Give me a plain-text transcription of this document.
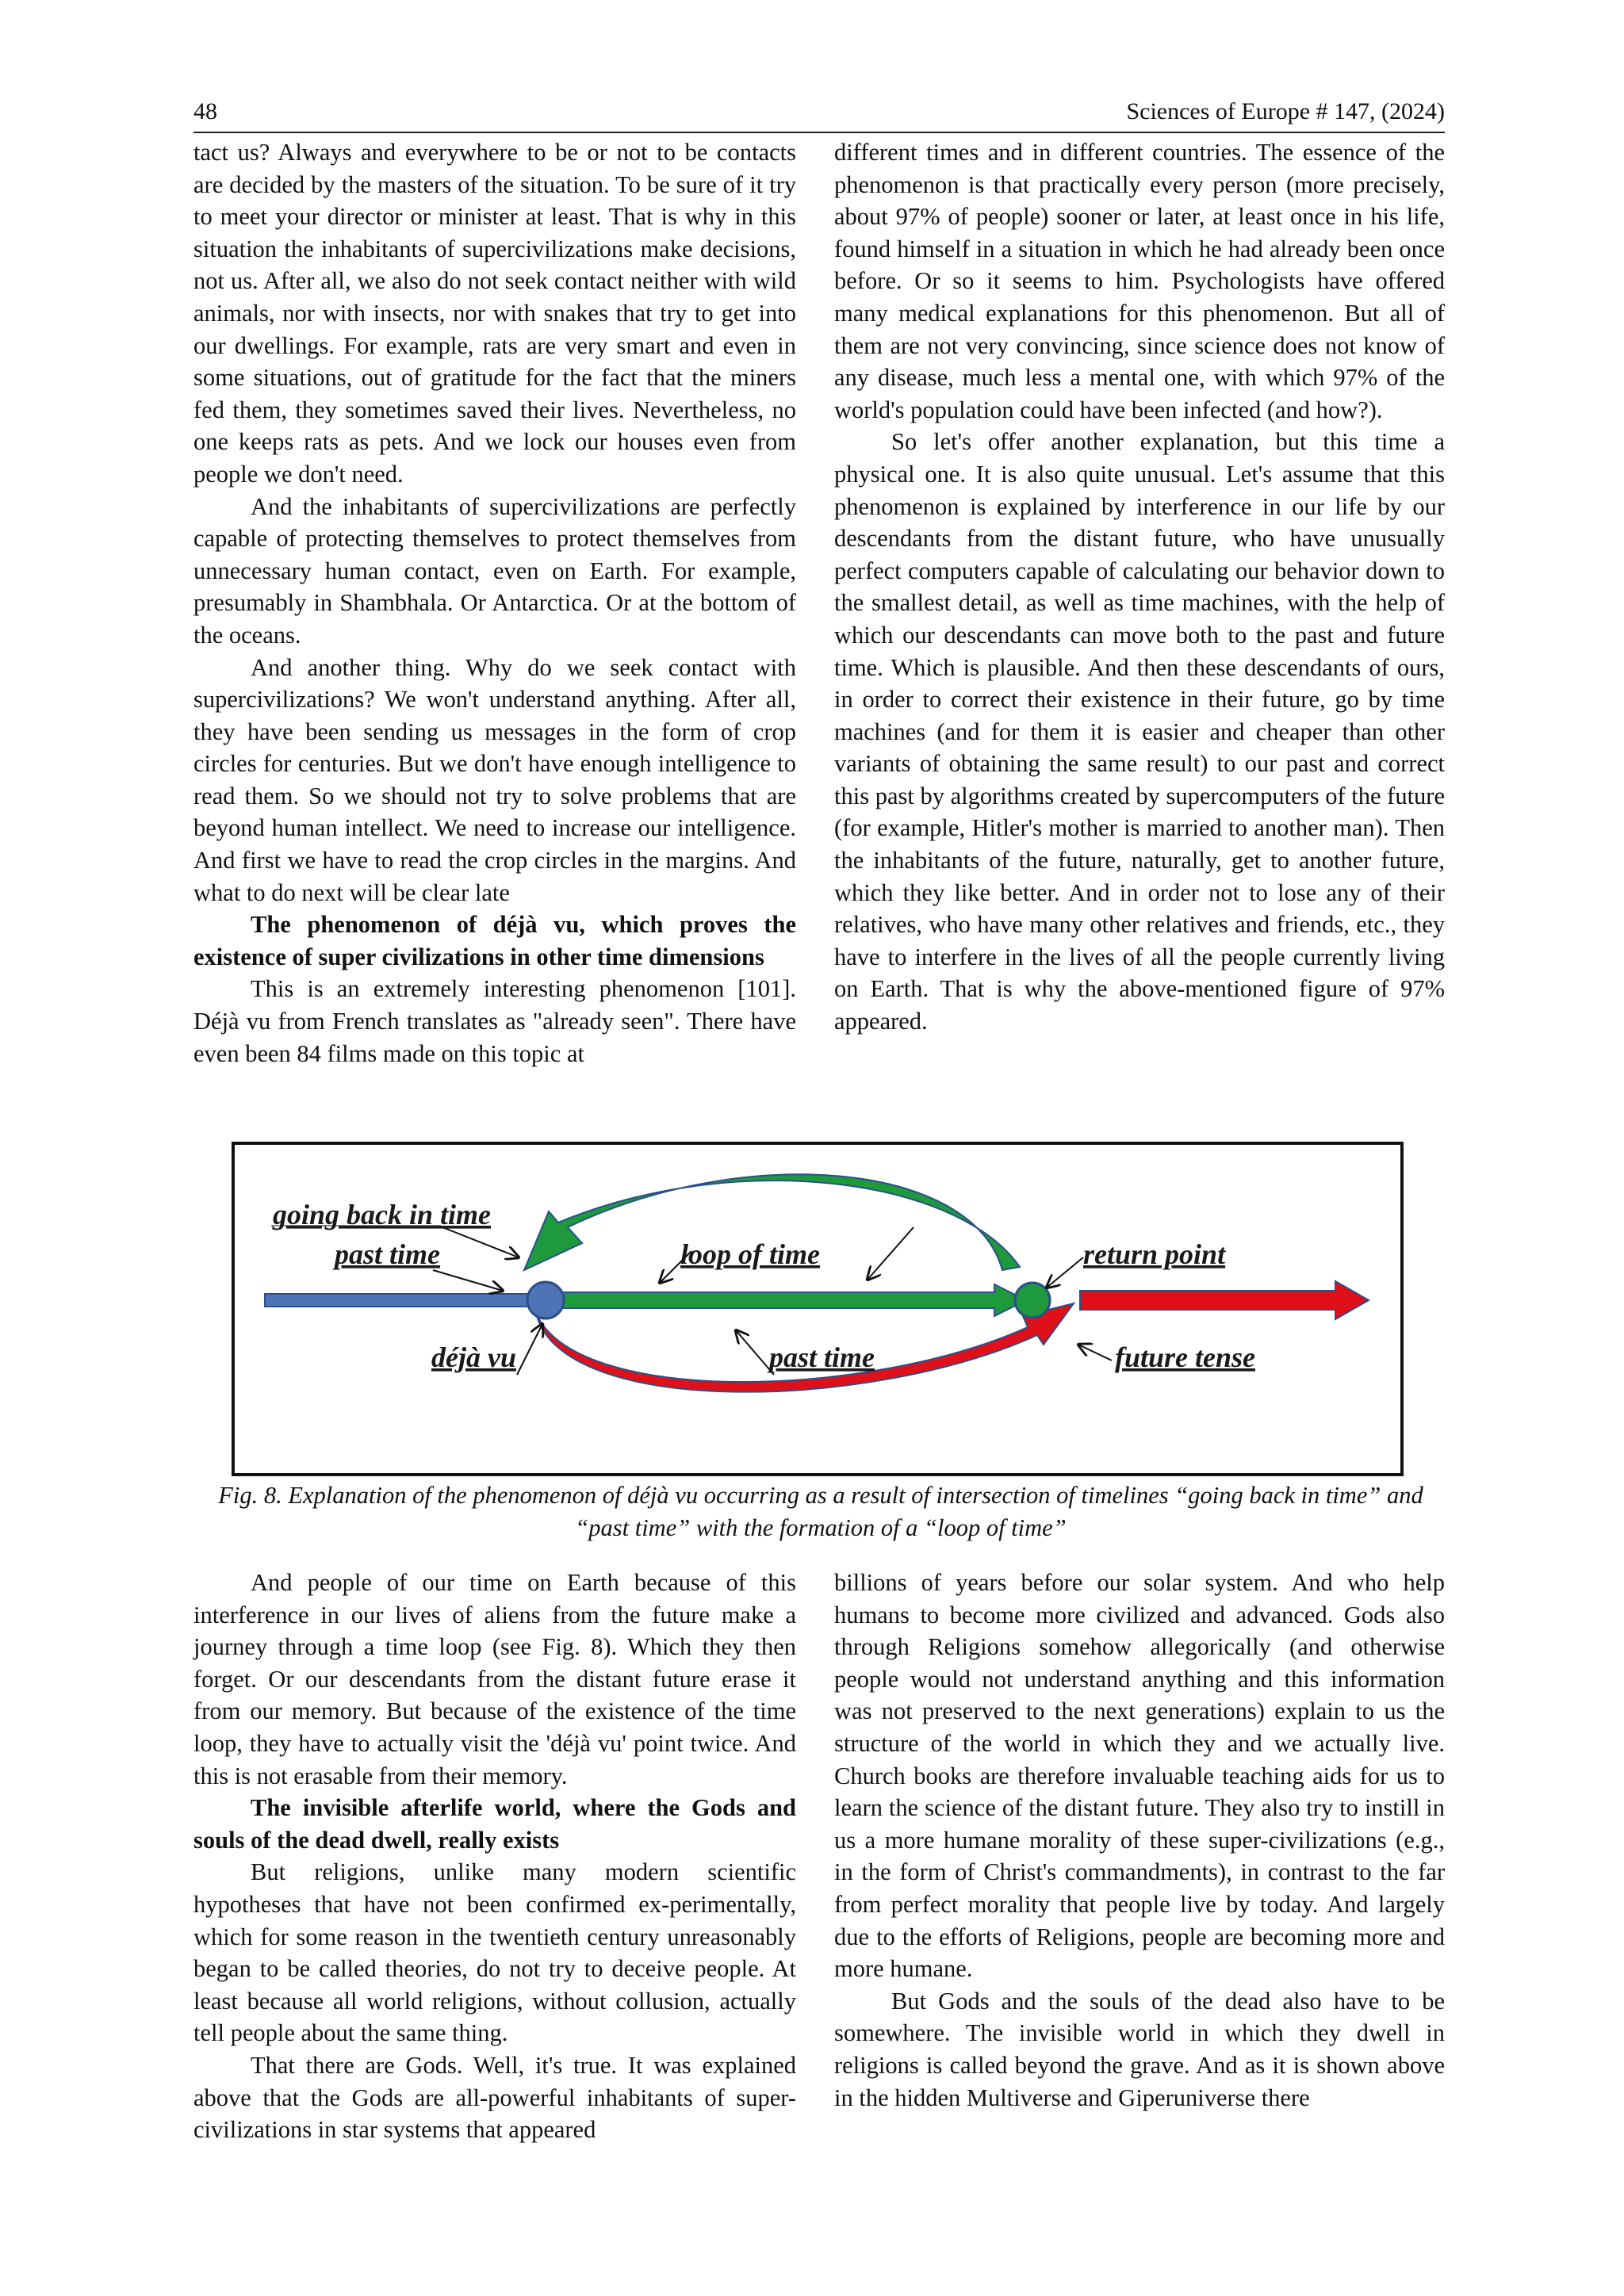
48	Sciences of Europe # 147, (2024)

tact us? Always and everywhere to be or not to be contacts are decided by the masters of the situation. To be sure of it try to meet your director or minister at least. That is why in this situation the inhabitants of supercivilizations make decisions, not us. After all, we also do not seek contact neither with wild animals, nor with insects, nor with snakes that try to get into our dwellings. For example, rats are very smart and even in some situations, out of gratitude for the fact that the miners fed them, they sometimes saved their lives. Nevertheless, no one keeps rats as pets. And we lock our houses even from people we don't need.

And the inhabitants of supercivilizations are perfectly capable of protecting themselves to protect themselves from unnecessary human contact, even on Earth. For example, presumably in Shambhala. Or Antarctica. Or at the bottom of the oceans.

And another thing. Why do we seek contact with supercivilizations? We won't understand anything. After all, they have been sending us messages in the form of crop circles for centuries. But we don't have enough intelligence to read them. So we should not try to solve problems that are beyond human intellect. We need to increase our intelligence. And first we have to read the crop circles in the margins. And what to do next will be clear late

The phenomenon of déjà vu, which proves the existence of super civilizations in other time dimensions

This is an extremely interesting phenomenon [101]. Déjà vu from French translates as "already seen". There have even been 84 films made on this topic at

different times and in different countries. The essence of the phenomenon is that practically every person (more precisely, about 97% of people) sooner or later, at least once in his life, found himself in a situation in which he had already been once before. Or so it seems to him. Psychologists have offered many medical explanations for this phenomenon. But all of them are not very convincing, since science does not know of any disease, much less a mental one, with which 97% of the world's population could have been infected (and how?).

So let's offer another explanation, but this time a physical one. It is also quite unusual. Let's assume that this phenomenon is explained by interference in our life by our descendants from the distant future, who have unusually perfect computers capable of calculating our behavior down to the smallest detail, as well as time machines, with the help of which our descendants can move both to the past and future time. Which is plausible. And then these descendants of ours, in order to correct their existence in their future, go by time machines (and for them it is easier and cheaper than other variants of obtaining the same result) to our past and correct this past by algorithms created by supercomputers of the future (for example, Hitler's mother is married to another man). Then the inhabitants of the future, naturally, get to another future, which they like better. And in order not to lose any of their relatives, who have many other relatives and friends, etc., they have to interfere in the lives of all the people currently living on Earth. That is why the above-mentioned figure of 97% appeared.

going back in time
past time	loop of time	return point
déjà vu	past time	future tense
Fig. 8. Explanation of the phenomenon of déjà vu occurring as a result of intersection of timelines “going back in time” and “past time” with the formation of a “loop of time”

And people of our time on Earth because of this interference in our lives of aliens from the future make a journey through a time loop (see Fig. 8). Which they then forget. Or our descendants from the distant future erase it from our memory. But because of the existence of the time loop, they have to actually visit the 'déjà vu' point twice. And this is not erasable from their memory.

The invisible afterlife world, where the Gods and souls of the dead dwell, really exists

But religions, unlike many modern scientific hypotheses that have not been confirmed ex-perimentally, which for some reason in the twentieth century unreasonably began to be called theories, do not try to deceive people. At least because all world religions, without collusion, actually tell people about the same thing.

That there are Gods. Well, it's true. It was explained above that the Gods are all-powerful inhabitants of super-civilizations in star systems that appeared

billions of years before our solar system. And who help humans to become more civilized and advanced. Gods also through Religions somehow allegorically (and otherwise people would not understand anything and this information was not preserved to the next generations) explain to us the structure of the world in which they and we actually live. Church books are therefore invaluable teaching aids for us to learn the science of the distant future. They also try to instill in us a more humane morality of these super-civilizations (e.g., in the form of Christ's commandments), in contrast to the far from perfect morality that people live by today. And largely due to the efforts of Religions, people are becoming more and more humane.

But Gods and the souls of the dead also have to be somewhere. The invisible world in which they dwell in religions is called beyond the grave. And as it is shown above in the hidden Multiverse and Giperuniverse there
